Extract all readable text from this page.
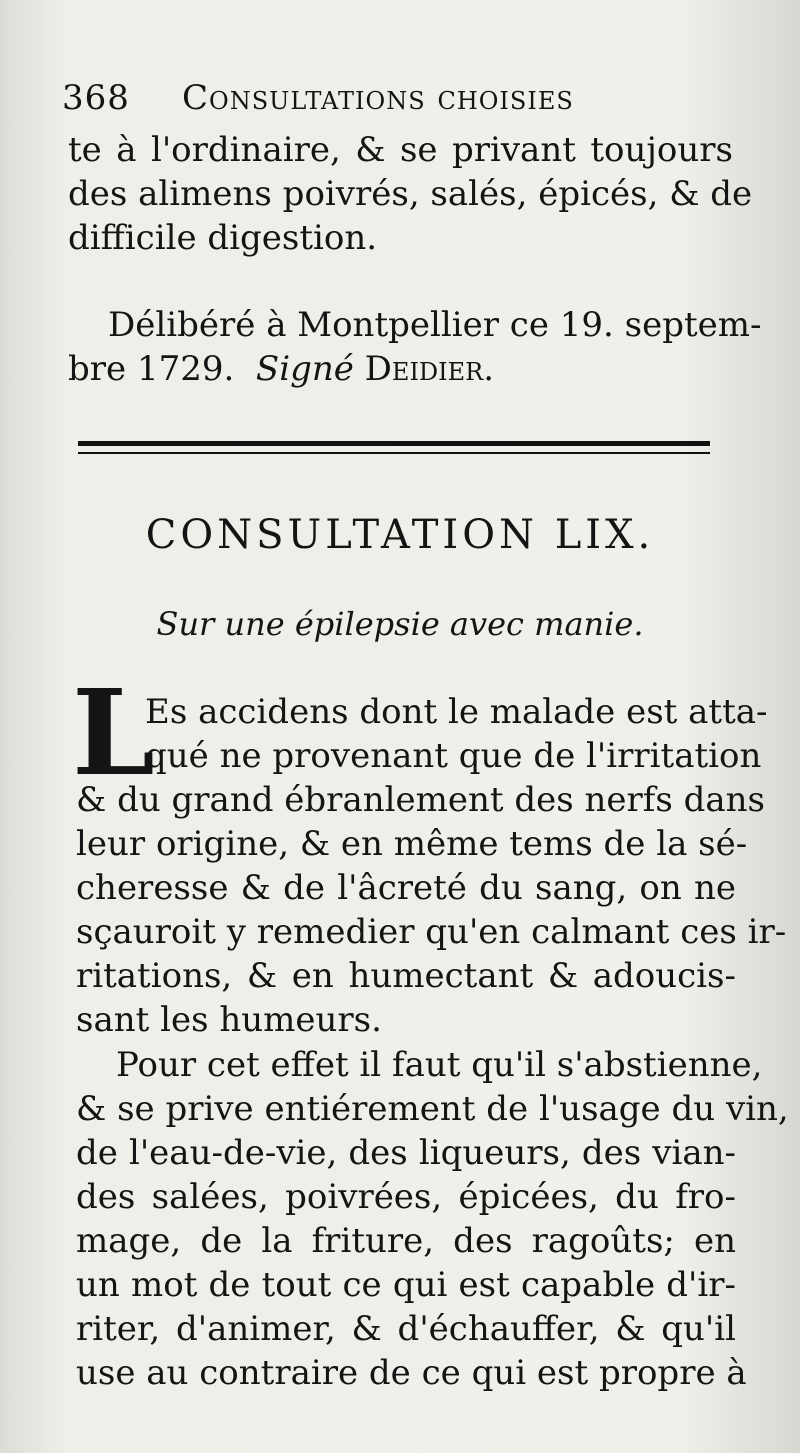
368 Consultations choisies
te à l'ordinaire, & se privant toujours
des alimens poivrés, salés, épicés, & de
difficile digestion.
Délibéré à Montpellier ce 19. septem-
bre 1729. Signé Deidier.
CONSULTATION LIX.
Sur une épilepsie avec manie.
L
Es accidens dont le malade est atta-
qué ne provenant que de l'irritation
& du grand ébranlement des nerfs dans
leur origine, & en même tems de la sé-
cheresse & de l'âcreté du sang, on ne
sçauroit y remedier qu'en calmant ces ir-
ritations, & en humectant & adoucis-
sant les humeurs.
Pour cet effet il faut qu'il s'abstienne,
& se prive entiérement de l'usage du vin,
de l'eau-de-vie, des liqueurs, des vian-
des salées, poivrées, épicées, du fro-
mage, de la friture, des ragoûts; en
un mot de tout ce qui est capable d'ir-
riter, d'animer, & d'échauffer, & qu'il
use au contraire de ce qui est propre à
